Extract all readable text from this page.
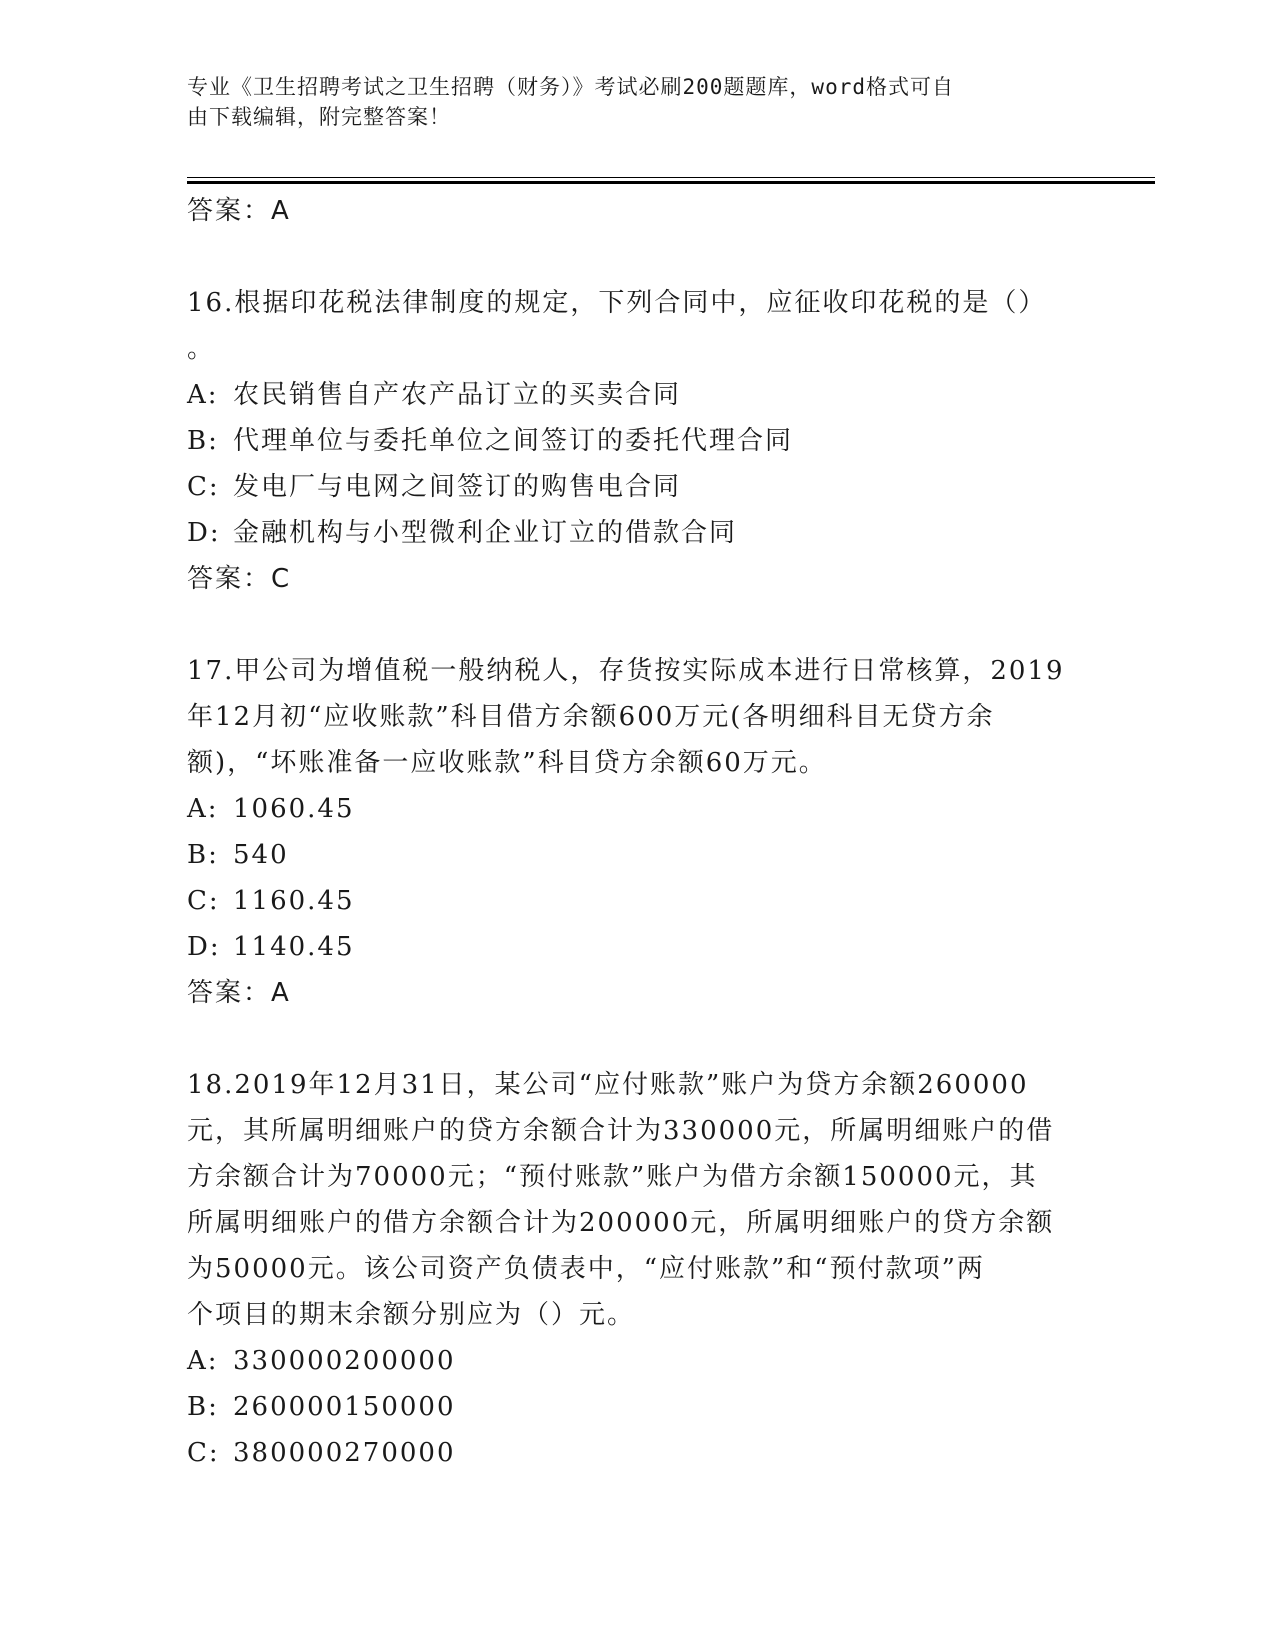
专业《卫生招聘考试之卫生招聘（财务）》考试必刷200题题库，word格式可自
由下载编辑，附完整答案！
答案：A
16.根据印花税法律制度的规定，下列合同中，应征收印花税的是（）
。
A: 农民销售自产农产品订立的买卖合同
B: 代理单位与委托单位之间签订的委托代理合同
C: 发电厂与电网之间签订的购售电合同
D: 金融机构与小型微利企业订立的借款合同
答案：C
17.甲公司为增值税一般纳税人，存货按实际成本进行日常核算，2019
年12月初“应收账款”科目借方余额600万元(各明细科目无贷方余
额)，“坏账准备一应收账款”科目贷方余额60万元。
A: 1060.45
B: 540
C: 1160.45
D: 1140.45
答案：A
18.2019年12月31日，某公司“应付账款”账户为贷方余额260000
元，其所属明细账户的贷方余额合计为330000元，所属明细账户的借
方余额合计为70000元；“预付账款”账户为借方余额150000元，其
所属明细账户的借方余额合计为200000元，所属明细账户的贷方余额
为50000元。该公司资产负债表中，“应付账款”和“预付款项”两
个项目的期末余额分别应为（）元。
A: 330000200000
B: 260000150000
C: 380000270000
